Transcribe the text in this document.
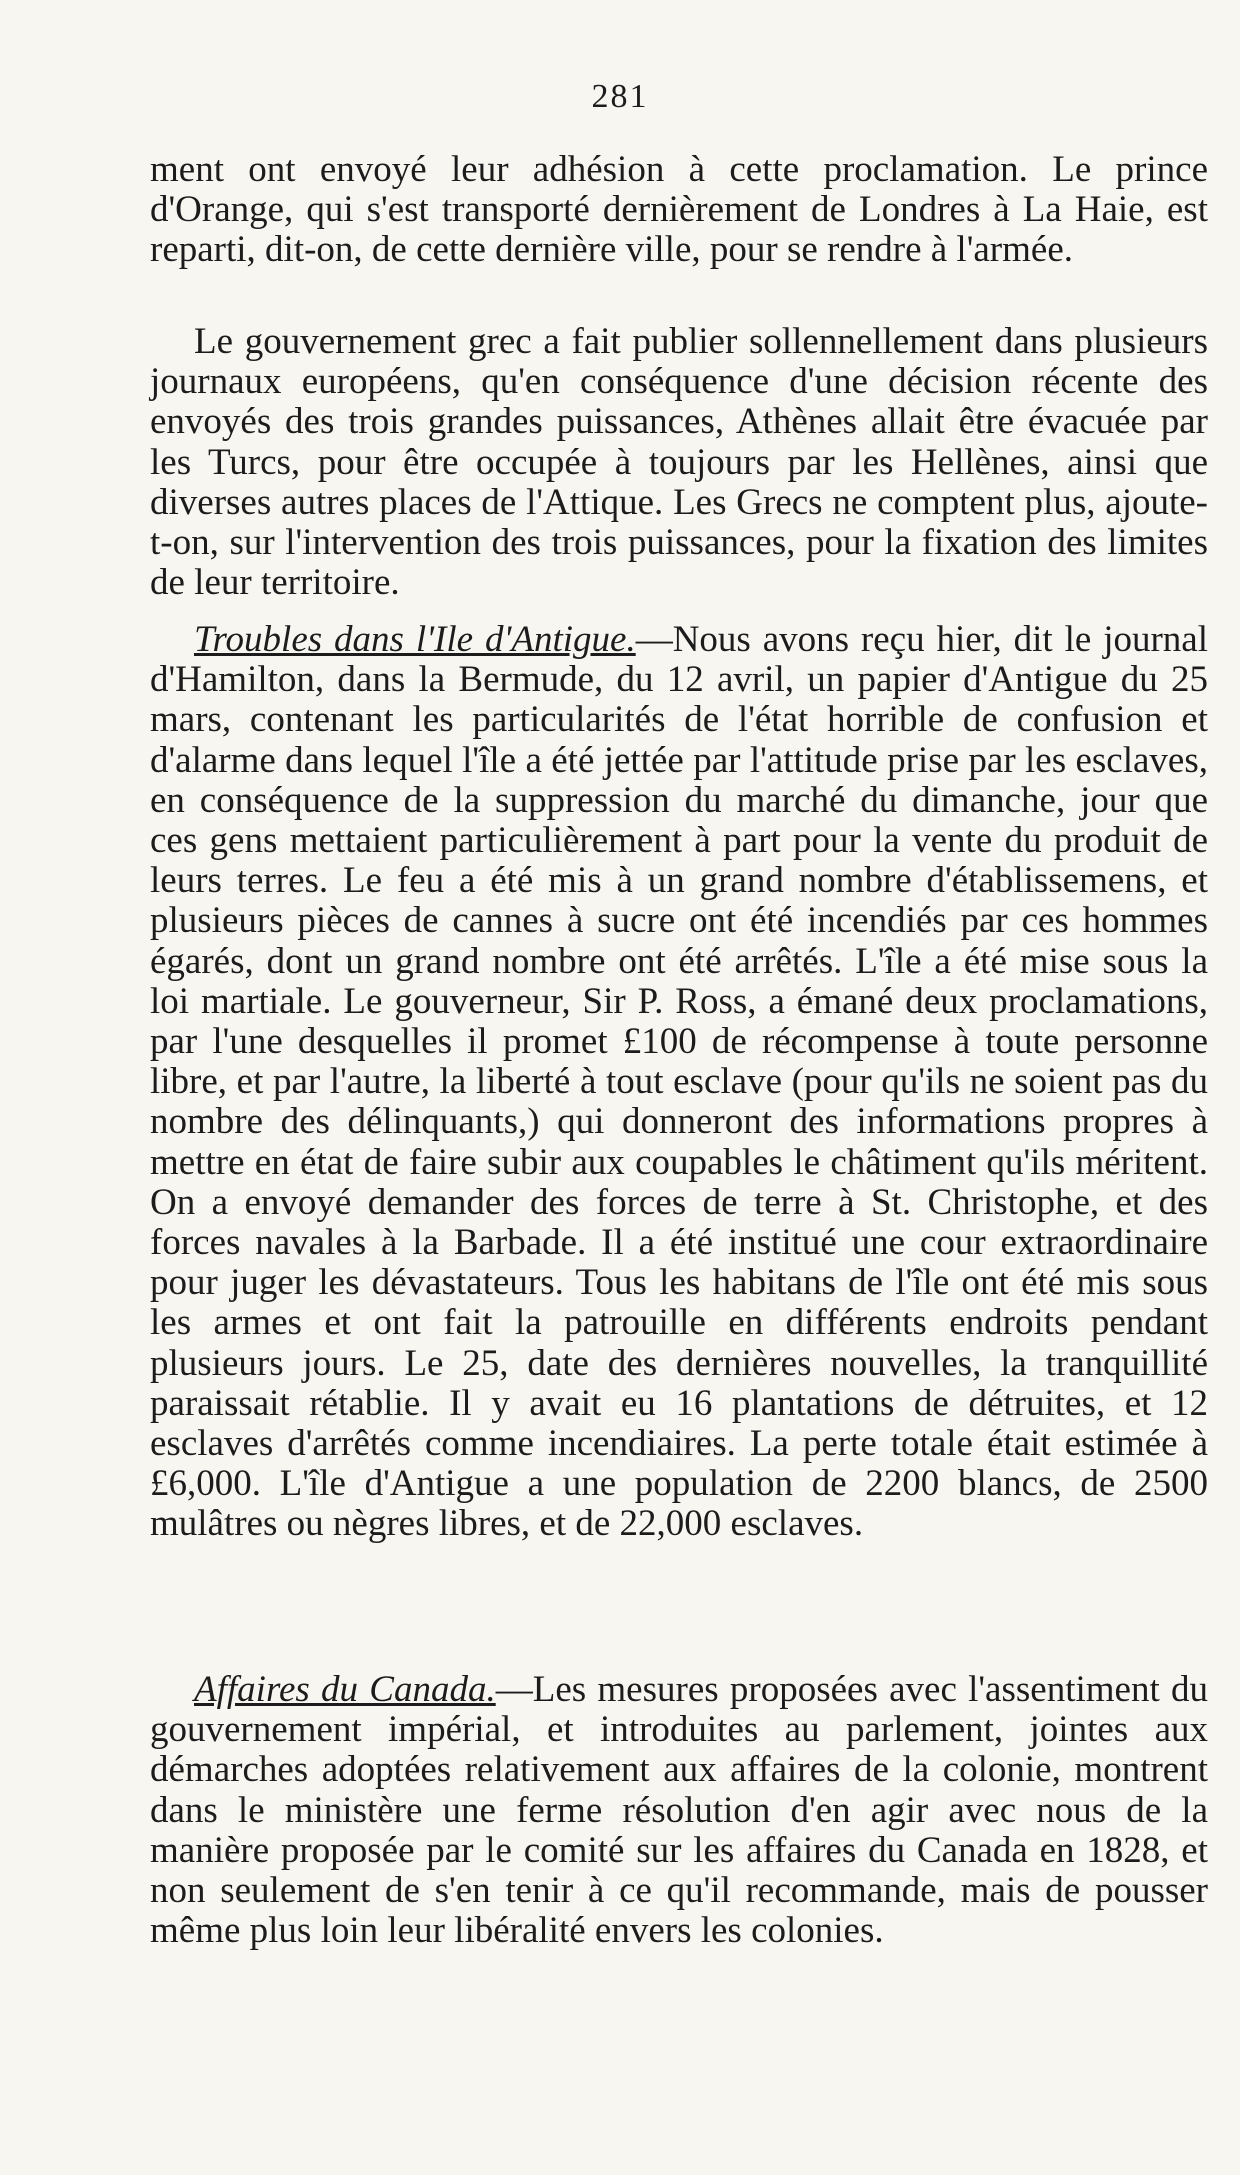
281

ment ont envoyé leur adhésion à cette proclamation. Le prince d'Orange, qui s'est transporté dernièrement de Londres à La Haie, est reparti, dit-on, de cette dernière ville, pour se rendre à l'armée.

Le gouvernement grec a fait publier sollennellement dans plusieurs journaux européens, qu'en conséquence d'une décision récente des envoyés des trois grandes puissances, Athènes allait être évacuée par les Turcs, pour être occupée à toujours par les Hellènes, ainsi que diverses autres places de l'Attique. Les Grecs ne comptent plus, ajoute-t-on, sur l'intervention des trois puissances, pour la fixation des limites de leur territoire.

Troubles dans l'Ile d'Antigue.—Nous avons reçu hier, dit le journal d'Hamilton, dans la Bermude, du 12 avril, un papier d'Antigue du 25 mars, contenant les particularités de l'état horrible de confusion et d'alarme dans lequel l'île a été jettée par l'attitude prise par les esclaves, en conséquence de la suppression du marché du dimanche, jour que ces gens mettaient particulièrement à part pour la vente du produit de leurs terres. Le feu a été mis à un grand nombre d'établissemens, et plusieurs pièces de cannes à sucre ont été incendiés par ces hommes égarés, dont un grand nombre ont été arrêtés. L'île a été mise sous la loi martiale. Le gouverneur, Sir P. Ross, a émané deux proclamations, par l'une desquelles il promet £100 de récompense à toute personne libre, et par l'autre, la liberté à tout esclave (pour qu'ils ne soient pas du nombre des délinquants,) qui donneront des informations propres à mettre en état de faire subir aux coupables le châtiment qu'ils méritent. On a envoyé demander des forces de terre à St. Christophe, et des forces navales à la Barbade. Il a été institué une cour extraordinaire pour juger les dévastateurs. Tous les habitans de l'île ont été mis sous les armes et ont fait la patrouille en différents endroits pendant plusieurs jours. Le 25, date des dernières nouvelles, la tranquillité paraissait rétablie. Il y avait eu 16 plantations de détruites, et 12 esclaves d'arrêtés comme incendiaires. La perte totale était estimée à £6,000. L'île d'Antigue a une population de 2200 blancs, de 2500 mulâtres ou nègres libres, et de 22,000 esclaves.

Affaires du Canada.—Les mesures proposées avec l'assentiment du gouvernement impérial, et introduites au parlement, jointes aux démarches adoptées relativement aux affaires de la colonie, montrent dans le ministère une ferme résolution d'en agir avec nous de la manière proposée par le comité sur les affaires du Canada en 1828, et non seulement de s'en tenir à ce qu'il recommande, mais de pousser même plus loin leur libéralité envers les colonies.
